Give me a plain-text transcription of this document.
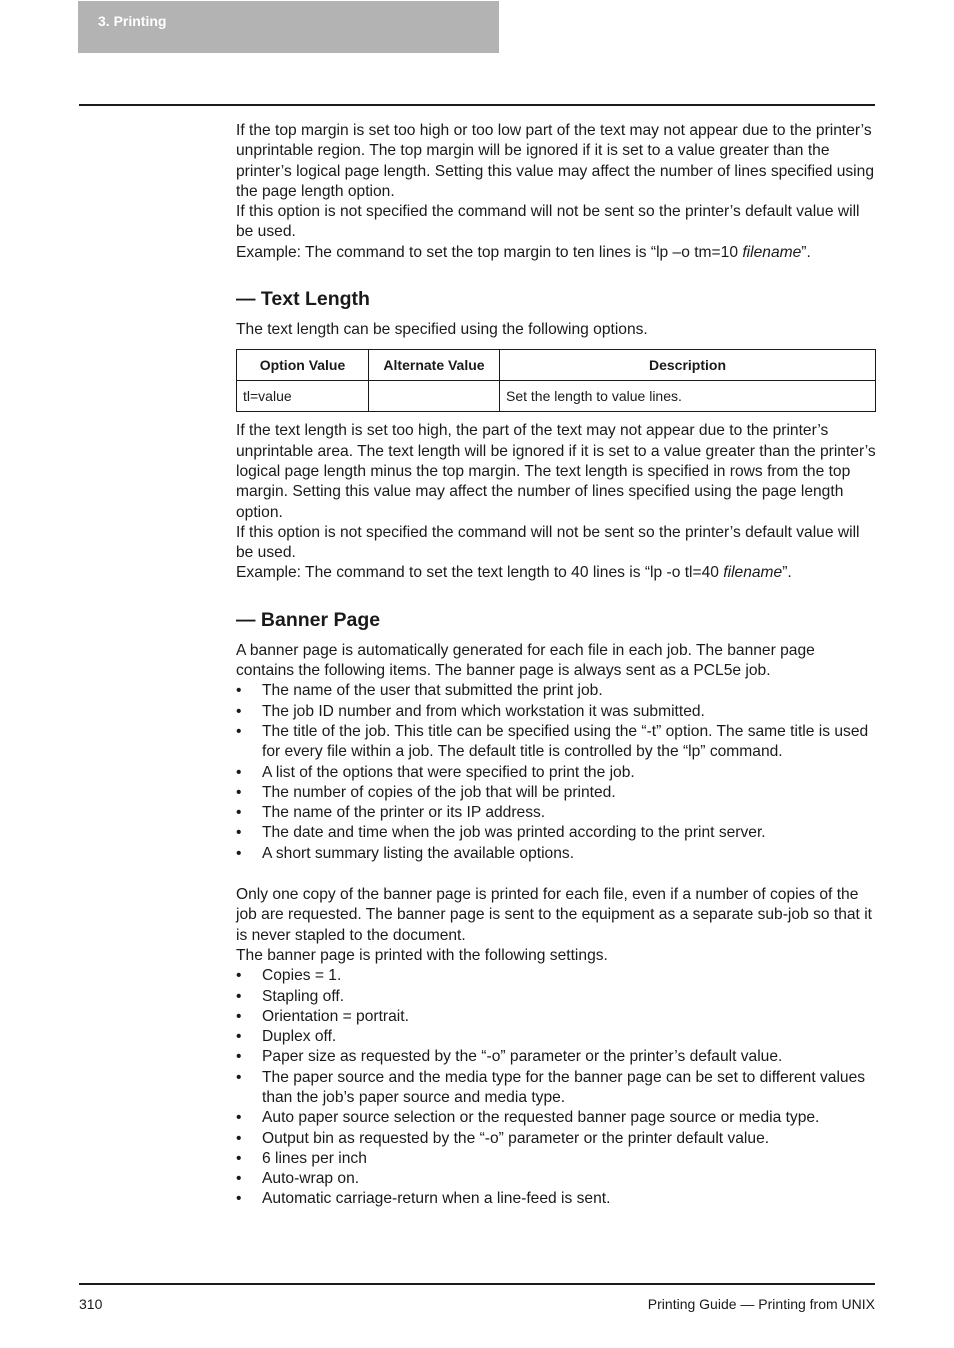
3. Printing

If the top margin is set too high or too low part of the text may not appear due to the printer’s unprintable region. The top margin will be ignored if it is set to a value greater than the printer’s logical page length. Setting this value may affect the number of lines specified using the page length option.

If this option is not specified the command will not be sent so the printer’s default value will be used.

Example: The command to set the top margin to ten lines is “lp –o tm=10 filename”.

— Text Length

The text length can be specified using the following options.

Option Value	Alternate Value	Description
tl=value		Set the length to value lines.

If the text length is set too high, the part of the text may not appear due to the printer’s unprintable area. The text length will be ignored if it is set to a value greater than the printer’s logical page length minus the top margin. The text length is specified in rows from the top margin. Setting this value may affect the number of lines specified using the page length option.

If this option is not specified the command will not be sent so the printer’s default value will be used.

Example: The command to set the text length to 40 lines is “lp -o tl=40 filename”.

— Banner Page

A banner page is automatically generated for each file in each job. The banner page contains the following items. The banner page is always sent as a PCL5e job.

• The name of the user that submitted the print job.
• The job ID number and from which workstation it was submitted.
• The title of the job. This title can be specified using the “-t” option. The same title is used for every file within a job. The default title is controlled by the “lp” command.
• A list of the options that were specified to print the job.
• The number of copies of the job that will be printed.
• The name of the printer or its IP address.
• The date and time when the job was printed according to the print server.
• A short summary listing the available options.

Only one copy of the banner page is printed for each file, even if a number of copies of the job are requested. The banner page is sent to the equipment as a separate sub-job so that it is never stapled to the document.

The banner page is printed with the following settings.

• Copies = 1.
• Stapling off.
• Orientation = portrait.
• Duplex off.
• Paper size as requested by the “-o” parameter or the printer’s default value.
• The paper source and the media type for the banner page can be set to different values than the job’s paper source and media type.
• Auto paper source selection or the requested banner page source or media type.
• Output bin as requested by the “-o” parameter or the printer default value.
• 6 lines per inch
• Auto-wrap on.
• Automatic carriage-return when a line-feed is sent.
310	Printing Guide — Printing from UNIX
